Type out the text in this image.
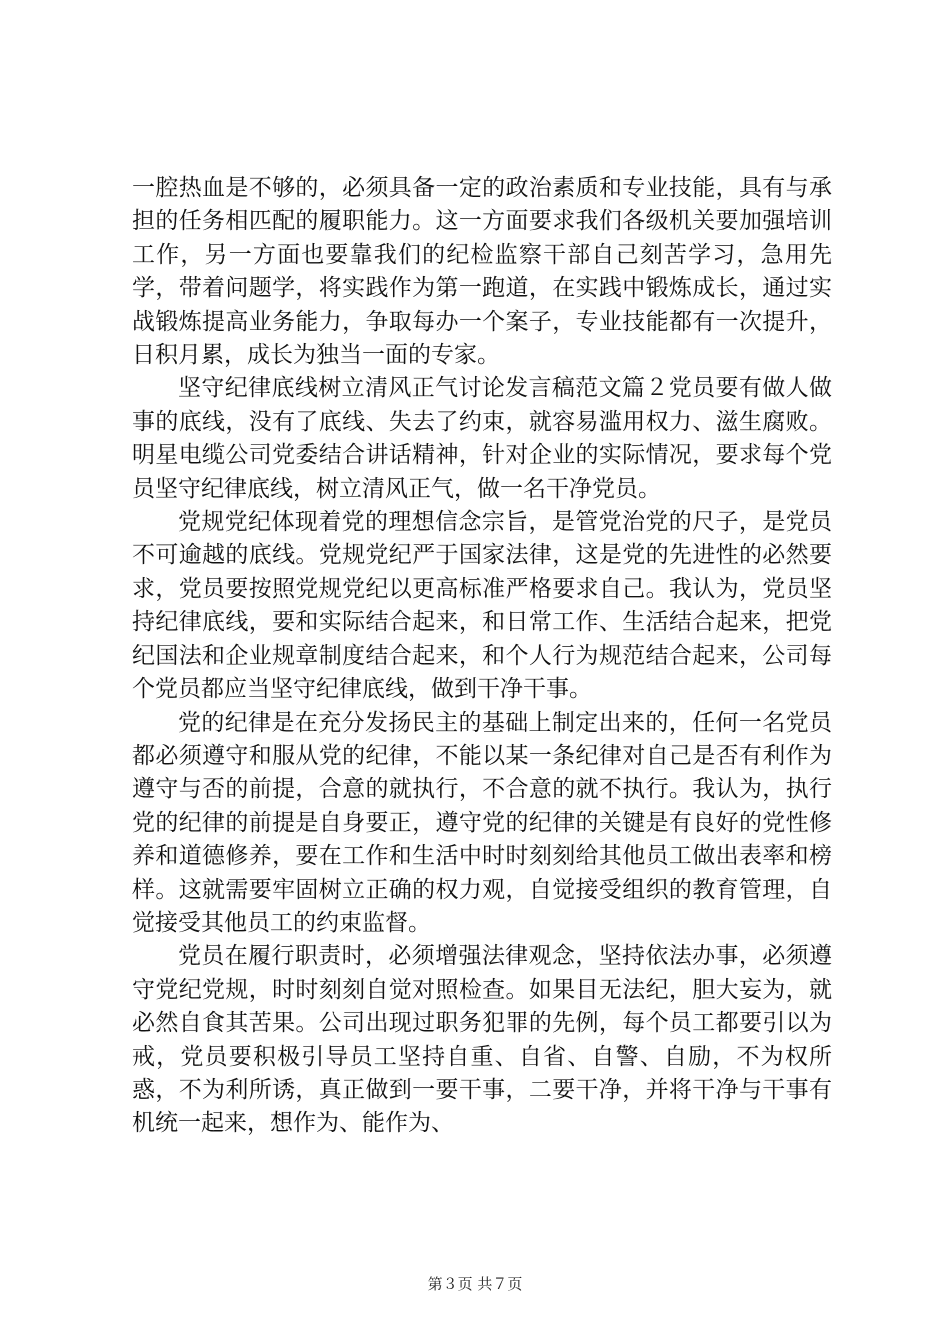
一腔热血是不够的，必须具备一定的政治素质和专业技能，具有与承担的任务相匹配的履职能力。这一方面要求我们各级机关要加强培训工作，另一方面也要靠我们的纪检监察干部自己刻苦学习，急用先学，带着问题学，将实践作为第一跑道，在实践中锻炼成长，通过实战锻炼提高业务能力，争取每办一个案子，专业技能都有一次提升，日积月累，成长为独当一面的专家。

坚守纪律底线树立清风正气讨论发言稿范文篇２党员要有做人做事的底线，没有了底线、失去了约束，就容易滥用权力、滋生腐败。明星电缆公司党委结合讲话精神，针对企业的实际情况，要求每个党员坚守纪律底线，树立清风正气，做一名干净党员。

党规党纪体现着党的理想信念宗旨，是管党治党的尺子，是党员不可逾越的底线。党规党纪严于国家法律，这是党的先进性的必然要求，党员要按照党规党纪以更高标准严格要求自己。我认为，党员坚持纪律底线，要和实际结合起来，和日常工作、生活结合起来，把党纪国法和企业规章制度结合起来，和个人行为规范结合起来，公司每个党员都应当坚守纪律底线，做到干净干事。

党的纪律是在充分发扬民主的基础上制定出来的，任何一名党员都必须遵守和服从党的纪律，不能以某一条纪律对自己是否有利作为遵守与否的前提，合意的就执行，不合意的就不执行。我认为，执行党的纪律的前提是自身要正，遵守党的纪律的关键是有良好的党性修养和道德修养，要在工作和生活中时时刻刻给其他员工做出表率和榜样。这就需要牢固树立正确的权力观，自觉接受组织的教育管理，自觉接受其他员工的约束监督。

党员在履行职责时，必须增强法律观念，坚持依法办事，必须遵守党纪党规，时时刻刻自觉对照检查。如果目无法纪，胆大妄为，就必然自食其苦果。公司出现过职务犯罪的先例，每个员工都要引以为戒，党员要积极引导员工坚持自重、自省、自警、自励，不为权所惑，不为利所诱，真正做到一要干事，二要干净，并将干净与干事有机统一起来，想作为、能作为、

第３页 共７页
